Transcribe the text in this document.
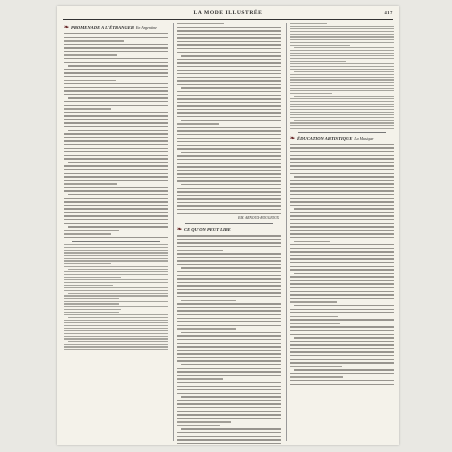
LA MODE ILLUSTRÉE	417
❧ PROMENADE A L'ÉTRANGER En Argentine
EM. ARNOUX-ROUGIOUX
❧ CE QU'ON PEUT LIRE
❧ ÉDUCATION ARTISTIQUE La Musique
